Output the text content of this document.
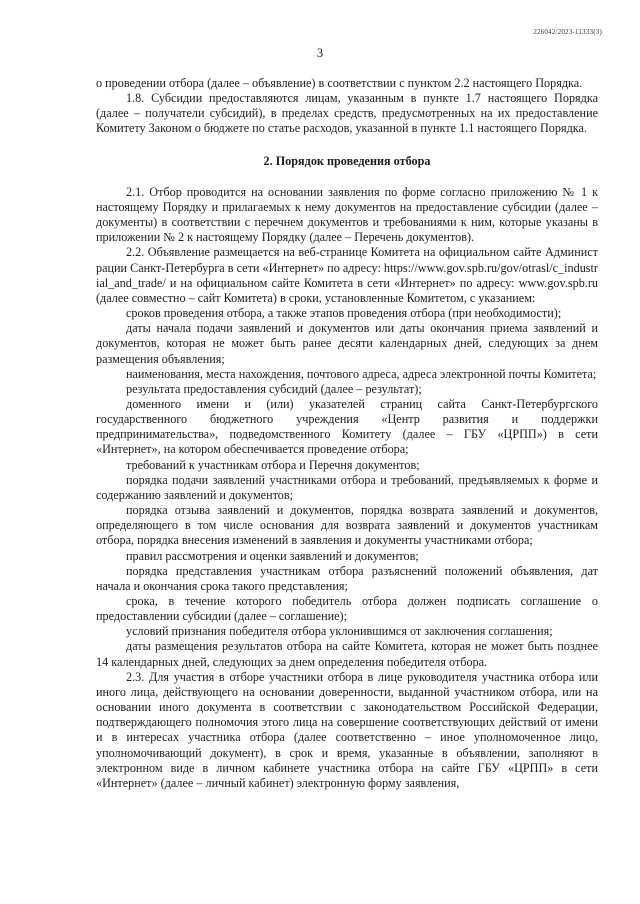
226042/2023-11333(3)
3

о проведении отбора (далее – объявление) в соответствии с пунктом 2.2 настоящего Порядка.

1.8. Субсидии предоставляются лицам, указанным в пункте 1.7 настоящего Порядка (далее – получатели субсидий), в пределах средств, предусмотренных на их предоставление Комитету Законом о бюджете по статье расходов, указанной в пункте 1.1 настоящего Порядка.

2. Порядок проведения отбора

2.1. Отбор проводится на основании заявления по форме согласно приложению № 1 к настоящему Порядку и прилагаемых к нему документов на предоставление субсидии (далее – документы) в соответствии с перечнем документов и требованиями к ним, которые указаны в приложении № 2 к настоящему Порядку (далее – Перечень документов).

2.2. Объявление размещается на веб-странице Комитета на официальном сайте Администрации Санкт-Петербурга в сети «Интернет» по адресу: https://www.gov.spb.ru/gov/otrasl/c_industrial_and_trade/ и на официальном сайте Комитета в сети «Интернет» по адресу: www.gov.spb.ru (далее совместно – сайт Комитета) в сроки, установленные Комитетом, с указанием:

сроков проведения отбора, а также этапов проведения отбора (при необходимости);

даты начала подачи заявлений и документов или даты окончания приема заявлений и документов, которая не может быть ранее десяти календарных дней, следующих за днем размещения объявления;

наименования, места нахождения, почтового адреса, адреса электронной почты Комитета;

результата предоставления субсидий (далее – результат);

доменного имени и (или) указателей страниц сайта Санкт-Петербургского государственного бюджетного учреждения «Центр развития и поддержки предпринимательства», подведомственного Комитету (далее – ГБУ «ЦРПП») в сети «Интернет», на котором обеспечивается проведение отбора;

требований к участникам отбора и Перечня документов;

порядка подачи заявлений участниками отбора и требований, предъявляемых к форме и содержанию заявлений и документов;

порядка отзыва заявлений и документов, порядка возврата заявлений и документов, определяющего в том числе основания для возврата заявлений и документов участникам отбора, порядка внесения изменений в заявления и документы участниками отбора;

правил рассмотрения и оценки заявлений и документов;

порядка представления участникам отбора разъяснений положений объявления, дат начала и окончания срока такого представления;

срока, в течение которого победитель отбора должен подписать соглашение о предоставлении субсидии (далее – соглашение);

условий признания победителя отбора уклонившимся от заключения соглашения;

даты размещения результатов отбора на сайте Комитета, которая не может быть позднее 14 календарных дней, следующих за днем определения победителя отбора.

2.3. Для участия в отборе участники отбора в лице руководителя участника отбора или иного лица, действующего на основании доверенности, выданной участником отбора, или на основании иного документа в соответствии с законодательством Российской Федерации, подтверждающего полномочия этого лица на совершение соответствующих действий от имени и в интересах участника отбора (далее соответственно – иное уполномоченное лицо, уполномочивающий документ), в срок и время, указанные в объявлении, заполняют в электронном виде в личном кабинете участника отбора на сайте ГБУ «ЦРПП» в сети «Интернет» (далее – личный кабинет) электронную форму заявления,
